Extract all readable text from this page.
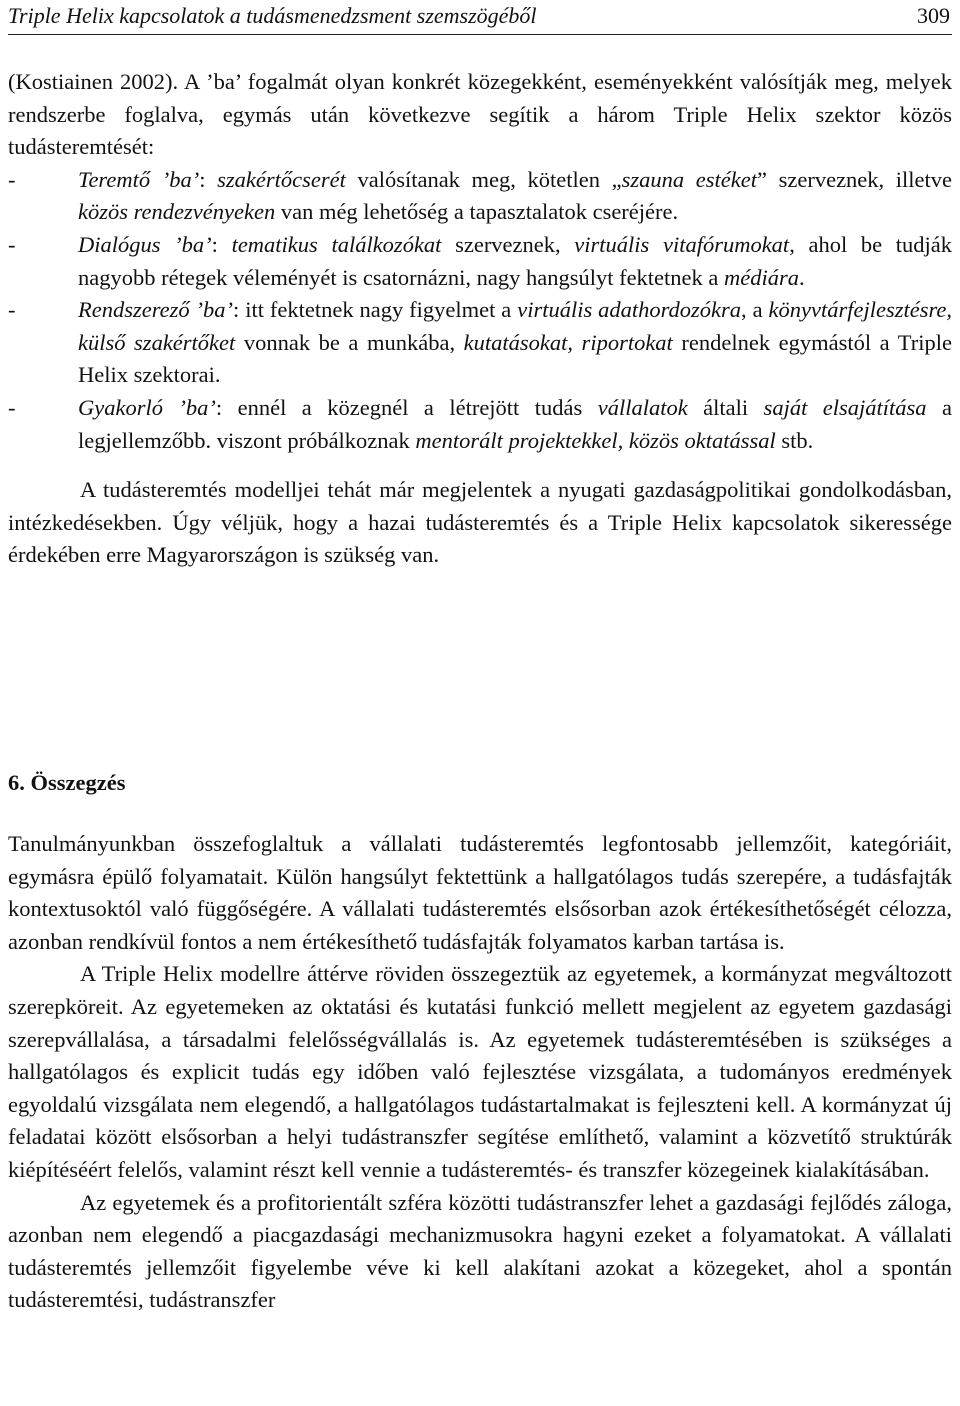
Triple Helix kapcsolatok a tudásmenedzsment szemszögéből	309

(Kostiainen 2002). A ’ba’ fogalmát olyan konkrét közegekként, eseményekként valósítják meg, melyek rendszerbe foglalva, egymás után következve segítik a három Triple Helix szektor közös tudásteremtését:

-	Teremtő ’ba’: szakértőcserét valósítanak meg, kötetlen „szauna estéket” szerveznek, illetve közös rendezvényeken van még lehetőség a tapasztalatok cseréjére.
-	Dialógus ’ba’: tematikus találkozókat szerveznek, virtuális vitafórumokat, ahol be tudják nagyobb rétegek véleményét is csatornázni, nagy hangsúlyt fektetnek a médiára.
-	Rendszerező ’ba’: itt fektetnek nagy figyelmet a virtuális adathordozókra, a könyvtárfejlesztésre, külső szakértőket vonnak be a munkába, kutatásokat, riportokat rendelnek egymástól a Triple Helix szektorai.
-	Gyakorló ’ba’: ennél a közegnél a létrejött tudás vállalatok általi saját elsajátítása a legjellemzőbb. viszont próbálkoznak mentorált projektekkel, közös oktatással stb.

A tudásteremtés modelljei tehát már megjelentek a nyugati gazdaságpolitikai gondolkodásban, intézkedésekben. Úgy véljük, hogy a hazai tudásteremtés és a Triple Helix kapcsolatok sikeressége érdekében erre Magyarországon is szükség van.

6. Összegzés

Tanulmányunkban összefoglaltuk a vállalati tudásteremtés legfontosabb jellemzőit, kategóriáit, egymásra épülő folyamatait. Külön hangsúlyt fektettünk a hallgatólagos tudás szerepére, a tudásfajták kontextusoktól való függőségére. A vállalati tudásteremtés elsősorban azok értékesíthetőségét célozza, azonban rendkívül fontos a nem értékesíthető tudásfajták folyamatos karban tartása is.

A Triple Helix modellre áttérve röviden összegeztük az egyetemek, a kormányzat megváltozott szerepköreit. Az egyetemeken az oktatási és kutatási funkció mellett megjelent az egyetem gazdasági szerepvállalása, a társadalmi felelősségvállalás is. Az egyetemek tudásteremtésében is szükséges a hallgatólagos és explicit tudás egy időben való fejlesztése vizsgálata, a tudományos eredmények egyoldalú vizsgálata nem elegendő, a hallgatólagos tudástartalmakat is fejleszteni kell. A kormányzat új feladatai között elsősorban a helyi tudástranszfer segítése említhető, valamint a közvetítő struktúrák kiépítéséért felelős, valamint részt kell vennie a tudásteremtés- és transzfer közegeinek kialakításában.

Az egyetemek és a profitorientált szféra közötti tudástranszfer lehet a gazdasági fejlődés záloga, azonban nem elegendő a piacgazdasági mechanizmusokra hagyni ezeket a folyamatokat. A vállalati tudásteremtés jellemzőit figyelembe véve ki kell alakítani azokat a közegeket, ahol a spontán tudásteremtési, tudástranszfer
